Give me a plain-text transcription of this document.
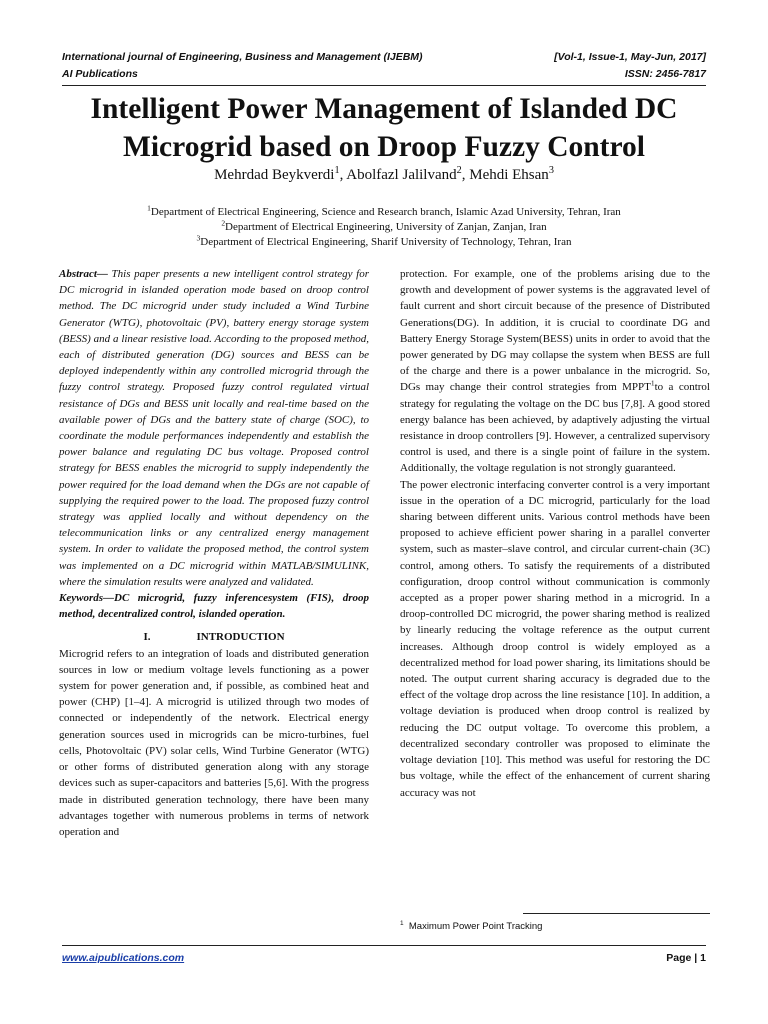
International journal of Engineering, Business and Management (IJEBM)
AI Publications
[Vol-1, Issue-1, May-Jun, 2017]
ISSN: 2456-7817
Intelligent Power Management of Islanded DC
Microgrid based on Droop Fuzzy Control
Mehrdad Beykverdi$^1$, Abolfazl Jalilvand$^2$, Mehdi Ehsan$^3$
$^1$Department of Electrical Engineering, Science and Research branch, Islamic Azad University, Tehran, Iran
$^2$Department of Electrical Engineering, University of Zanjan, Zanjan, Iran
$^3$Department of Electrical Engineering, Sharif University of Technology, Tehran, Iran

Abstract— This paper presents a new intelligent control strategy for DC microgrid in islanded operation mode based on droop control method. The DC microgrid under study included a Wind Turbine Generator (WTG), photovoltaic (PV), battery energy storage system (BESS) and a linear resistive load. According to the proposed method, each of distributed generation (DG) sources and BESS can be deployed independently within any controlled microgrid through the fuzzy control strategy. Proposed fuzzy control regulated virtual resistance of DGs and BESS unit locally and real-time based on the available power of DGs and the battery state of charge (SOC), to coordinate the module performances independently and establish the power balance and regulating DC bus voltage. Proposed control strategy for BESS enables the microgrid to supply independently the power required for the load demand when the DGs are not capable of supplying the required power to the load. The proposed fuzzy control strategy was applied locally and without dependency on the telecommunication links or any centralized energy management system. In order to validate the proposed method, the control system was implemented on a DC microgrid within MATLAB/SIMULINK, where the simulation results were analyzed and validated.

Keywords—DC microgrid, fuzzy inferencesystem (FIS), droop method, decentralized control, islanded operation.

I.	INTRODUCTION

Microgrid refers to an integration of loads and distributed generation sources in low or medium voltage levels functioning as a power system for power generation and, if possible, as combined heat and power (CHP) [1–4]. A microgrid is utilized through two modes of connected or independently of the network. Electrical energy generation sources used in microgrids can be micro-turbines, fuel cells, Photovoltaic (PV) solar cells, Wind Turbine Generator (WTG) or other forms of distributed generation along with any storage devices such as super-capacitors and batteries [5,6]. With the progress made in distributed generation technology, there have been many advantages together with numerous problems in terms of network operation and

protection. For example, one of the problems arising due to the growth and development of power systems is the aggravated level of fault current and short circuit because of the presence of Distributed Generations(DG). In addition, it is crucial to coordinate DG and Battery Energy Storage System(BESS) units in order to avoid that the power generated by DG may collapse the system when BESS are full of the charge and there is a power unbalance in the microgrid. So, DGs may change their control strategies from MPPT$^1$to a control strategy for regulating the voltage on the DC bus [7,8]. A good stored energy balance has been achieved, by adaptively adjusting the virtual resistance in droop controllers [9]. However, a centralized supervisory control is used, and there is a single point of failure in the system. Additionally, the voltage regulation is not strongly guaranteed.

The power electronic interfacing converter control is a very important issue in the operation of a DC microgrid, particularly for the load sharing between different units. Various control methods have been proposed to achieve efficient power sharing in a parallel converter system, such as master–slave control, and circular current-chain (3C) control, among others. To satisfy the requirements of a distributed configuration, droop control without communication is commonly accepted as a proper power sharing method in a microgrid. In a droop-controlled DC microgrid, the power sharing method is realized by linearly reducing the voltage reference as the output current increases. Although droop control is widely employed as a decentralized method for load power sharing, its limitations should be noted. The output current sharing accuracy is degraded due to the effect of the voltage drop across the line resistance [10]. In addition, a voltage deviation is produced when droop control is realized by reducing the DC output voltage. To overcome this problem, a decentralized secondary controller was proposed to eliminate the voltage deviation [10]. This method was useful for restoring the DC bus voltage, while the effect of the enhancement of current sharing accuracy was not

$^1$ Maximum Power Point Tracking
www.aipublications.com	Page | 1
